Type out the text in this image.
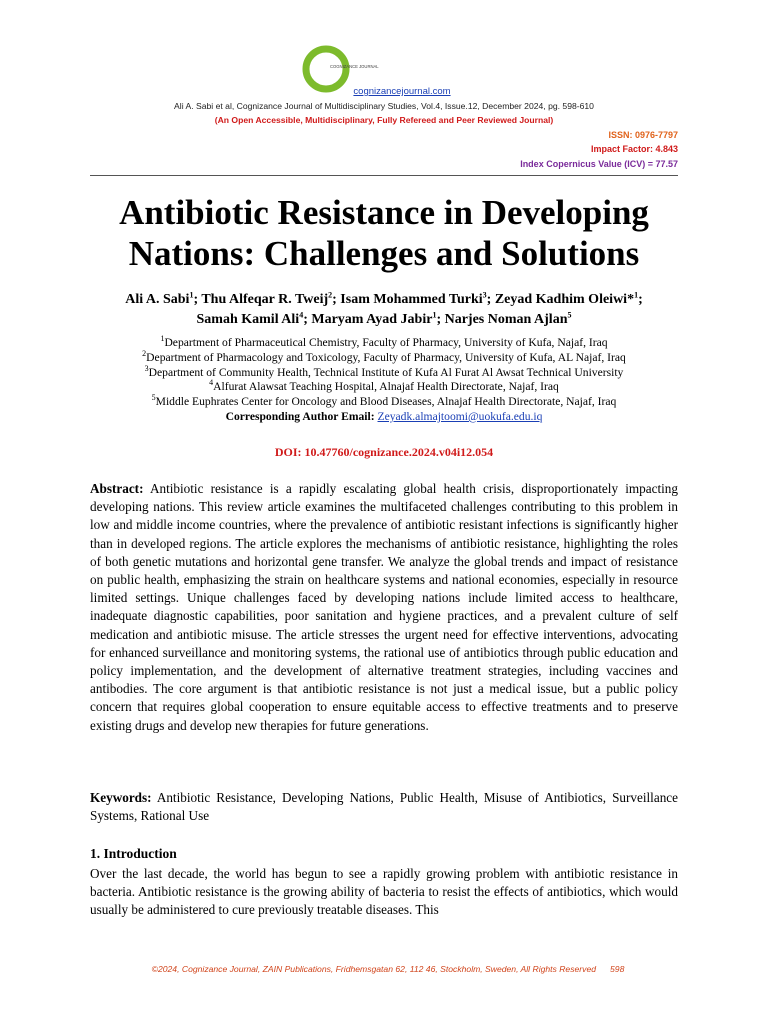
COGNIZANCE JOURNAL
cognizancejournal.com
Ali A. Sabi et al, Cognizance Journal of Multidisciplinary Studies, Vol.4, Issue.12, December 2024, pg. 598-610
(An Open Accessible, Multidisciplinary, Fully Refereed and Peer Reviewed Journal)
ISSN: 0976-7797
Impact Factor: 4.843
Index Copernicus Value (ICV) = 77.57
Antibiotic Resistance in Developing
Nations: Challenges and Solutions
Ali A. Sabi$^1$; Thu Alfeqar R. Tweij$^2$; Isam Mohammed Turki$^3$; Zeyad Kadhim Oleiwi*$^1$;
Samah Kamil Ali$^4$; Maryam Ayad Jabir$^1$; Narjes Noman Ajlan$^5$
$^1$Department of Pharmaceutical Chemistry, Faculty of Pharmacy, University of Kufa, Najaf, Iraq
$^2$Department of Pharmacology and Toxicology, Faculty of Pharmacy, University of Kufa, AL Najaf, Iraq
$^3$Department of Community Health, Technical Institute of Kufa Al Furat Al Awsat Technical University
$^4$Alfurat Alawsat Teaching Hospital, Alnajaf Health Directorate, Najaf, Iraq
$^5$Middle Euphrates Center for Oncology and Blood Diseases, Alnajaf Health Directorate, Najaf, Iraq
Corresponding Author Email: Zeyadk.almajtoomi@uokufa.edu.iq
DOI: 10.47760/cognizance.2024.v04i12.054
Abstract: Antibiotic resistance is a rapidly escalating global health crisis, disproportionately impacting developing nations. This review article examines the multifaceted challenges contributing to this problem in low and middle income countries, where the prevalence of antibiotic resistant infections is significantly higher than in developed regions. The article explores the mechanisms of antibiotic resistance, highlighting the roles of both genetic mutations and horizontal gene transfer. We analyze the global trends and impact of resistance on public health, emphasizing the strain on healthcare systems and national economies, especially in resource limited settings. Unique challenges faced by developing nations include limited access to healthcare, inadequate diagnostic capabilities, poor sanitation and hygiene practices, and a prevalent culture of self medication and antibiotic misuse. The article stresses the urgent need for effective interventions, advocating for enhanced surveillance and monitoring systems, the rational use of antibiotics through public education and policy implementation, and the development of alternative treatment strategies, including vaccines and antibodies. The core argument is that antibiotic resistance is not just a medical issue, but a public policy concern that requires global cooperation to ensure equitable access to effective treatments and to preserve existing drugs and develop new therapies for future generations.
Keywords: Antibiotic Resistance, Developing Nations, Public Health, Misuse of Antibiotics, Surveillance Systems, Rational Use
1. Introduction
Over the last decade, the world has begun to see a rapidly growing problem with antibiotic resistance in bacteria. Antibiotic resistance is the growing ability of bacteria to resist the effects of antibiotics, which would usually be administered to cure previously treatable diseases. This
©2024, Cognizance Journal, ZAIN Publications, Fridhemsgatan 62, 112 46, Stockholm, Sweden, All Rights Reserved 598
